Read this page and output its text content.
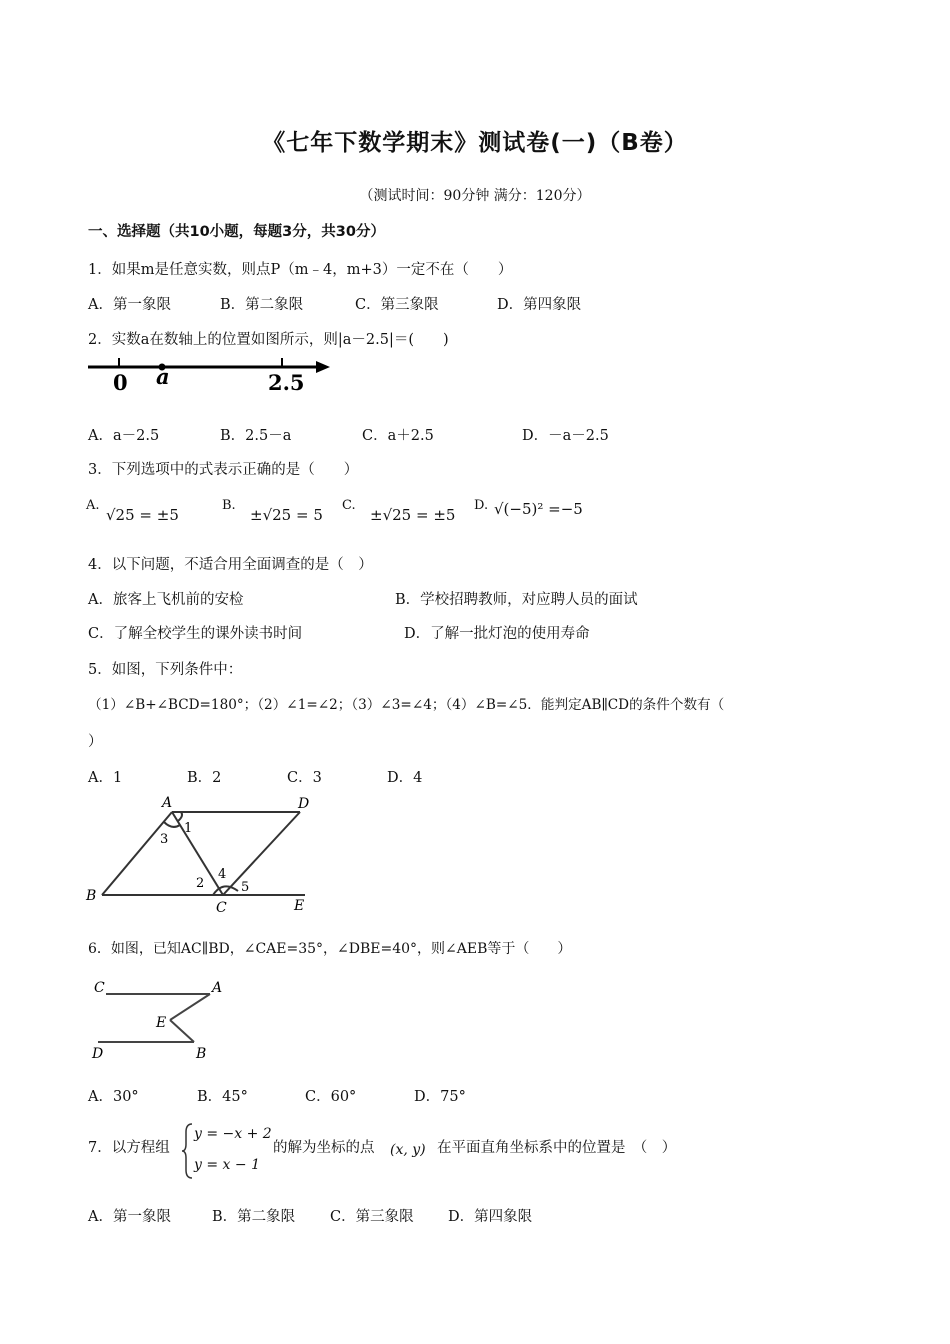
《七年下数学期末》测试卷(一)（B卷）
（测试时间：90分钟 满分：120分）
一、选择题（共10小题，每题3分，共30分）
1．如果m是任意实数，则点P（m﹣4，m+3）一定不在（　　）
A．第一象限	B．第二象限	C．第三象限	D．第四象限
2．实数a在数轴上的位置如图所示，则|a－2.5|＝(　　)
0 a	2.5
A．a－2.5	B．2.5－a	C．a＋2.5	D．－a－2.5
3．下列选项中的式表示正确的是（　　）
A.
√25 = ±5
B.
±√25 = 5
C.
±√25 = ±5
D. √(−5)² =−5
4．以下问题，不适合用全面调查的是（　）
A．旅客上飞机前的安检	B．学校招聘教师，对应聘人员的面试
C．了解全校学生的课外读书时间	D．了解一批灯泡的使用寿命
5．如图，下列条件中：
（1）∠B+∠BCD=180°；（2）∠1=∠2；（3）∠3=∠4；（4）∠B=∠5．能判定AB∥CD的条件个数有（
）
A．1	B．2	C．3	D．4
A	D
B
C	E
1
2
3
4
5
6．如图，已知AC∥BD，∠CAE=35°，∠DBE=40°，则∠AEB等于（　　）
C	A
E
D	B
A．30°	B．45°	C．60°	D．75°
7．以方程组
y = −x + 2
y = x − 1
的解为坐标的点 (x, y) 在平面直角坐标系中的位置是　（　）
A．第一象限	B．第二象限 C．第三象限 D．第四象限
